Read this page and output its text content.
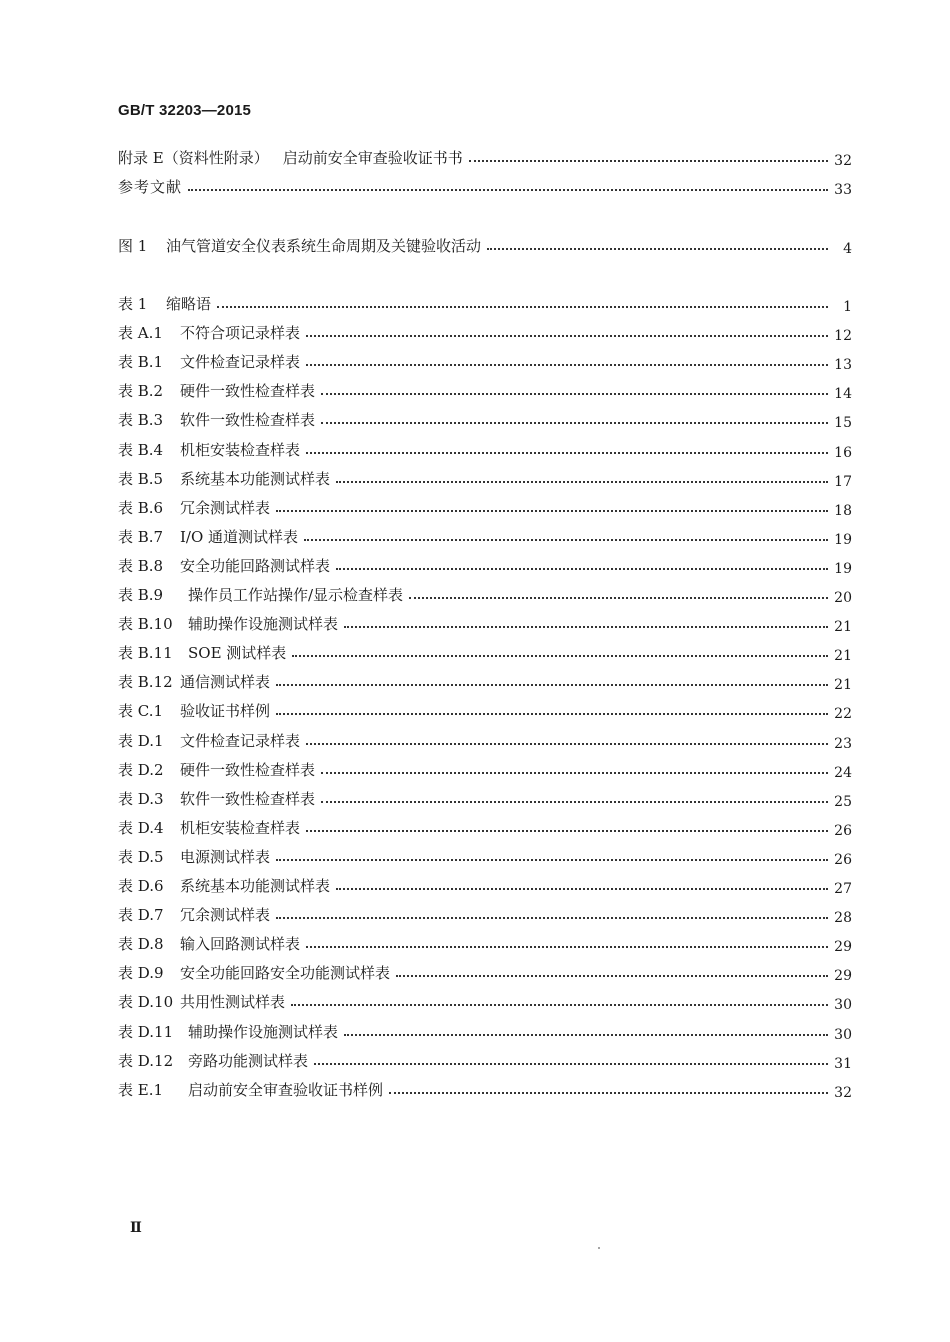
GB/T 32203—2015
附录 E（资料性附录） 启动前安全审查验收证书书	32
参考文献	33
图 1	油气管道安全仪表系统生命周期及关键验收活动	4
表 1	缩略语	1
表 A.1	不符合项记录样表	12
表 B.1	文件检查记录样表	13
表 B.2	硬件一致性检查样表	14
表 B.3	软件一致性检查样表	15
表 B.4	机柜安装检查样表	16
表 B.5	系统基本功能测试样表	17
表 B.6	冗余测试样表	18
表 B.7	I/O 通道测试样表	19
表 B.8	安全功能回路测试样表	19
表 B.9	操作员工作站操作/显示检查样表	20
表 B.10	辅助操作设施测试样表	21
表 B.11	SOE 测试样表	21
表 B.12 通信测试样表	21
表 C.1	验收证书样例	22
表 D.1	文件检查记录样表	23
表 D.2	硬件一致性检查样表	24
表 D.3	软件一致性检查样表	25
表 D.4	机柜安装检查样表	26
表 D.5	电源测试样表	26
表 D.6	系统基本功能测试样表	27
表 D.7	冗余测试样表	28
表 D.8	输入回路测试样表	29
表 D.9	安全功能回路安全功能测试样表	29
表 D.10 共用性测试样表	30
表 D.11 辅助操作设施测试样表	30
表 D.12 旁路功能测试样表	31
表 E.1	启动前安全审查验收证书样例	32
Ⅱ
